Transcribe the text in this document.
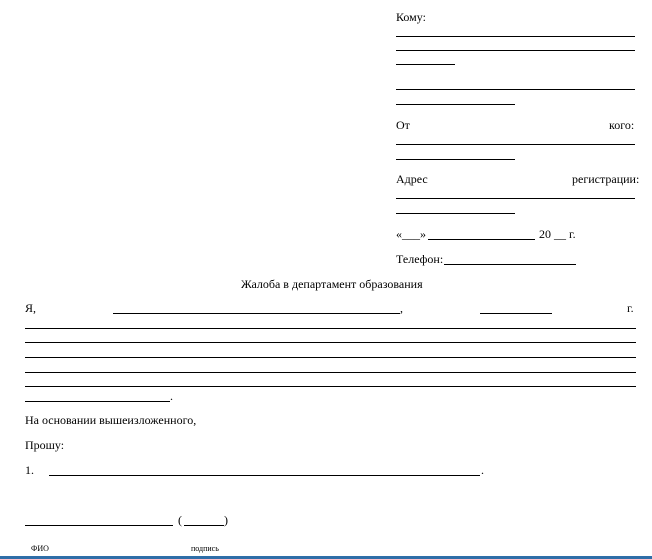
Кому:
От	кого:
Адрес	регистрации:
«___»	20 __ г.
Телефон:
Жалоба в департамент образования
Я,	,	г.
.
На основании вышеизложенного,
Прошу:
1.	.
(	)
ФИО	подпись
